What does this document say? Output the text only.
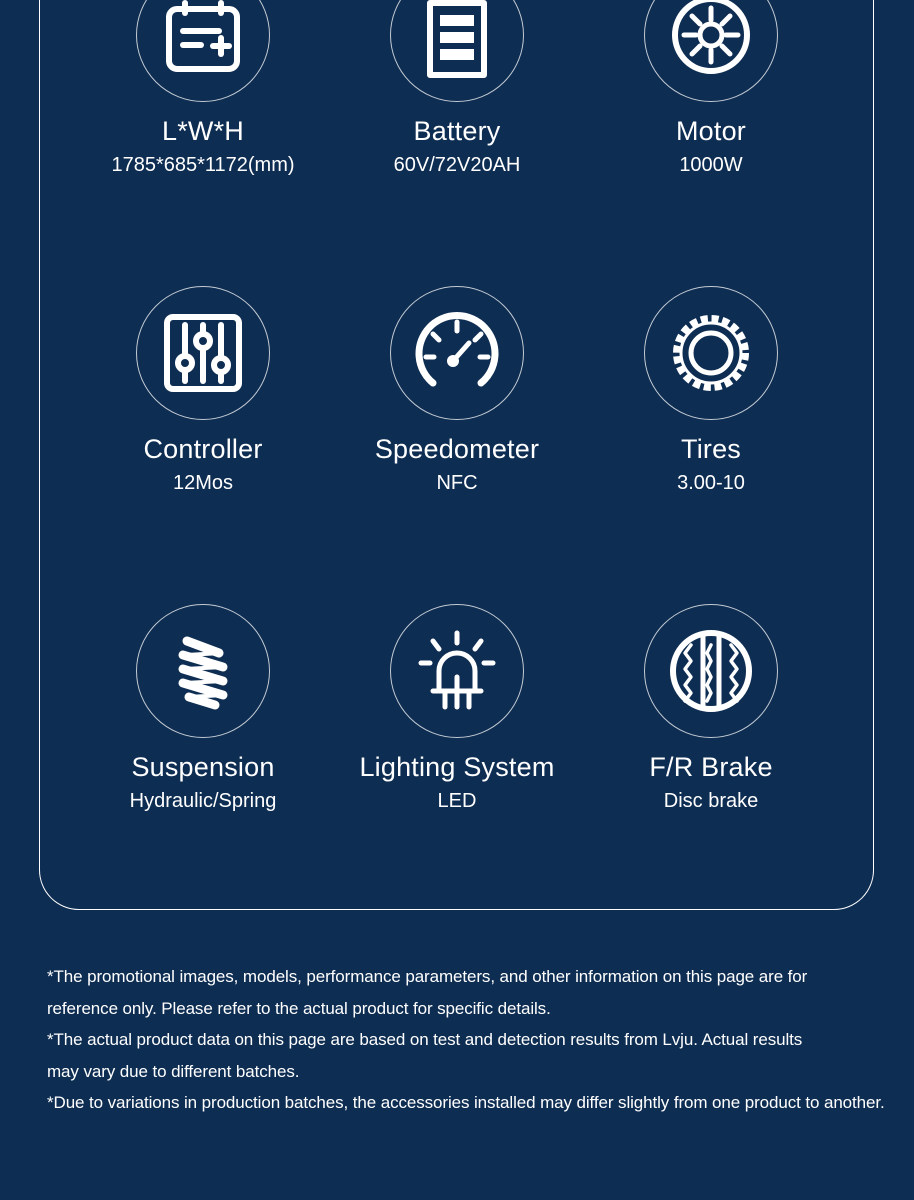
L*W*H
1785*685*1172(mm)
Battery
60V/72V20AH
Motor
1000W
Controller
12Mos
Speedometer
NFC
Tires
3.00-10
Suspension
Hydraulic/Spring
Lighting System
LED
F/R Brake
Disc brake

*The promotional images, models, performance parameters, and other information on this page are for

reference only. Please refer to the actual product for specific details.

*The actual product data on this page are based on test and detection results from Lvju. Actual results

may vary due to different batches.

*Due to variations in production batches, the accessories installed may differ slightly from one product to another.
